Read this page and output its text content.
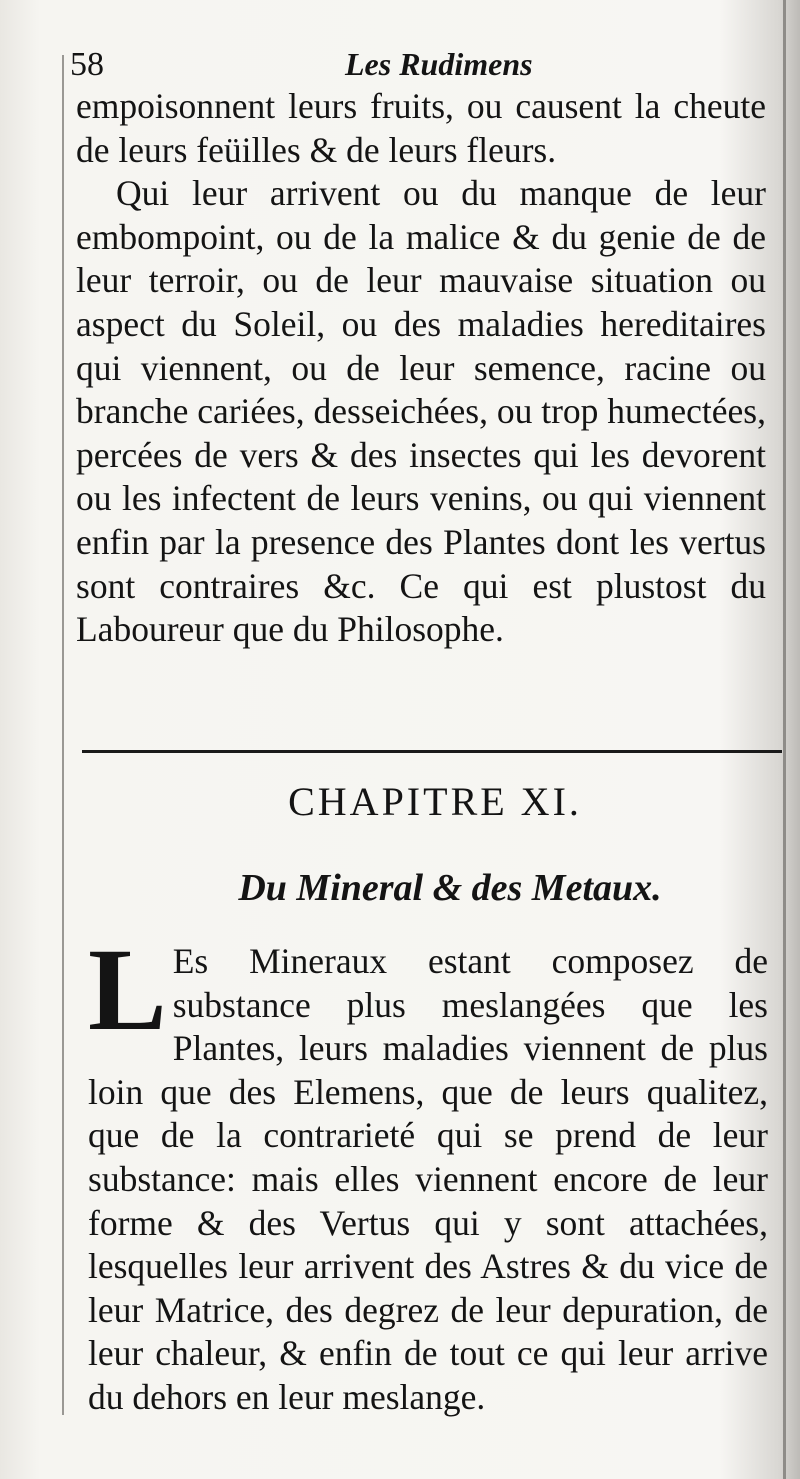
58	Les Rudimens

empoisonnent leurs fruits, ou causent la cheute de leurs feüilles & de leurs fleurs.

Qui leur arrivent ou du manque de leur embompoint, ou de la malice & du genie de de leur terroir, ou de leur mauvaise situation ou aspect du Soleil, ou des maladies hereditaires qui viennent, ou de leur semence, racine ou branche cariées, desseichées, ou trop humectées, percées de vers & des insectes qui les devorent ou les infectent de leurs venins, ou qui viennent enfin par la presence des Plantes dont les vertus sont contraires &c. Ce qui est plustost du Laboureur que du Philosophe.

CHAPITRE XI.
Du Mineral & des Metaux.
L Es Mineraux estant composez de substance plus meslangées que les Plantes, leurs maladies viennent de plus loin que des Elemens, que de leurs qualitez, que de la contrarieté qui se prend de leur substance: mais elles viennent encore de leur forme & des Vertus qui y sont attachées, lesquelles leur arrivent des Astres & du vice de leur Matrice, des degrez de leur depuration, de leur chaleur, & enfin de tout ce qui leur arrive du dehors en leur meslange.
